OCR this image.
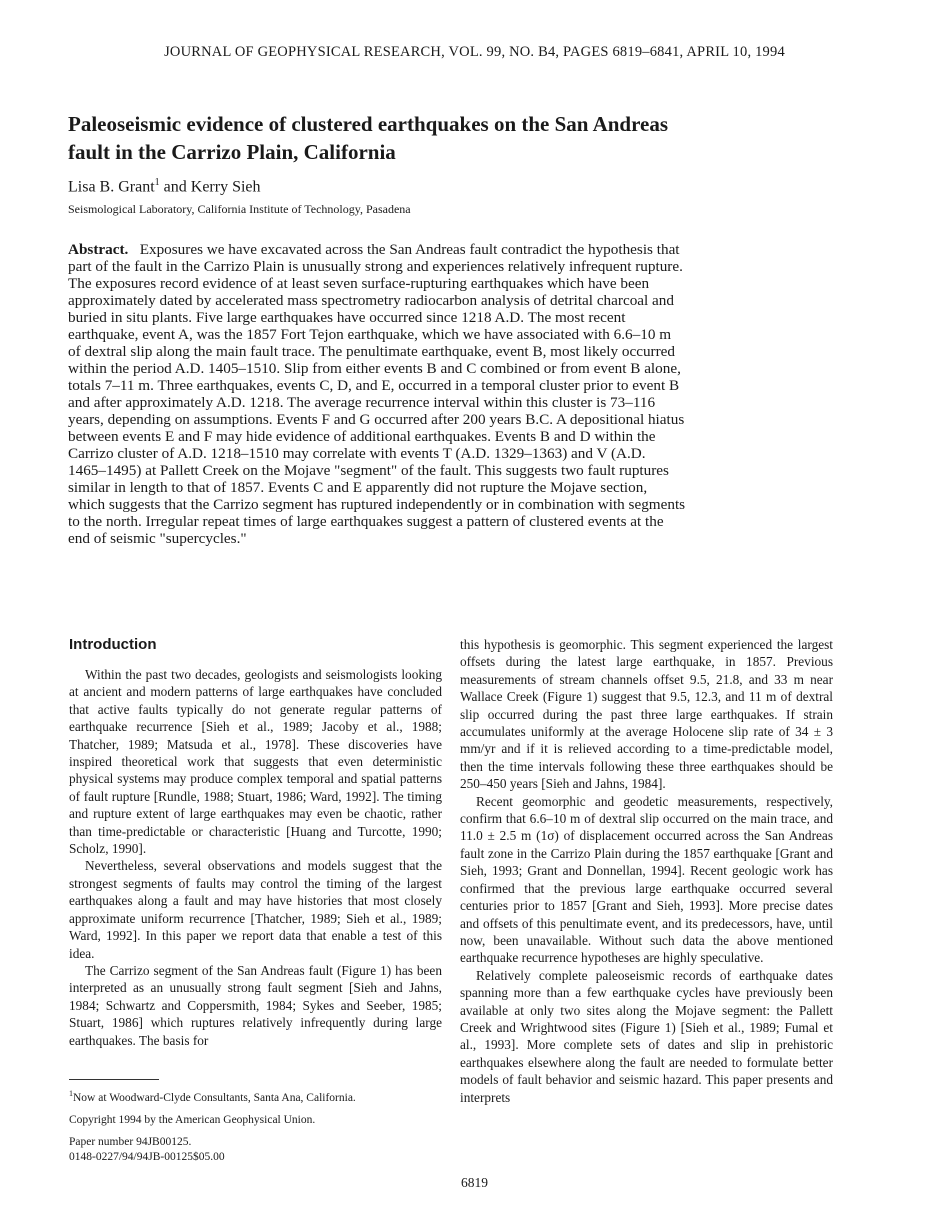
JOURNAL OF GEOPHYSICAL RESEARCH, VOL. 99, NO. B4, PAGES 6819–6841, APRIL 10, 1994
Paleoseismic evidence of clustered earthquakes on the San Andreas fault in the Carrizo Plain, California
Lisa B. Grant$^1$ and Kerry Sieh
Seismological Laboratory, California Institute of Technology, Pasadena

Abstract. Exposures we have excavated across the San Andreas fault contradict the hypothesis that part of the fault in the Carrizo Plain is unusually strong and experiences relatively infrequent rupture. The exposures record evidence of at least seven surface-rupturing earthquakes which have been approximately dated by accelerated mass spectrometry radiocarbon analysis of detrital charcoal and buried in situ plants. Five large earthquakes have occurred since 1218 A.D. The most recent earthquake, event A, was the 1857 Fort Tejon earthquake, which we have associated with 6.6–10 m of dextral slip along the main fault trace. The penultimate earthquake, event B, most likely occurred within the period A.D. 1405–1510. Slip from either events B and C combined or from event B alone, totals 7–11 m. Three earthquakes, events C, D, and E, occurred in a temporal cluster prior to event B and after approximately A.D. 1218. The average recurrence interval within this cluster is 73–116 years, depending on assumptions. Events F and G occurred after 200 years B.C. A depositional hiatus between events E and F may hide evidence of additional earthquakes. Events B and D within the Carrizo cluster of A.D. 1218–1510 may correlate with events T (A.D. 1329–1363) and V (A.D. 1465–1495) at Pallett Creek on the Mojave "segment" of the fault. This suggests two fault ruptures similar in length to that of 1857. Events C and E apparently did not rupture the Mojave section, which suggests that the Carrizo segment has ruptured independently or in combination with segments to the north. Irregular repeat times of large earthquakes suggest a pattern of clustered events at the end of seismic "supercycles."

Introduction

Within the past two decades, geologists and seismologists looking at ancient and modern patterns of large earthquakes have concluded that active faults typically do not generate regular patterns of earthquake recurrence [Sieh et al., 1989; Jacoby et al., 1988; Thatcher, 1989; Matsuda et al., 1978]. These discoveries have inspired theoretical work that suggests that even deterministic physical systems may produce complex temporal and spatial patterns of fault rupture [Rundle, 1988; Stuart, 1986; Ward, 1992]. The timing and rupture extent of large earthquakes may even be chaotic, rather than time-predictable or characteristic [Huang and Turcotte, 1990; Scholz, 1990].

Nevertheless, several observations and models suggest that the strongest segments of faults may control the timing of the largest earthquakes along a fault and may have histories that most closely approximate uniform recurrence [Thatcher, 1989; Sieh et al., 1989; Ward, 1992]. In this paper we report data that enable a test of this idea.

The Carrizo segment of the San Andreas fault (Figure 1) has been interpreted as an unusually strong fault segment [Sieh and Jahns, 1984; Schwartz and Coppersmith, 1984; Sykes and Seeber, 1985; Stuart, 1986] which ruptures relatively infrequently during large earthquakes. The basis for

$^1$Now at Woodward-Clyde Consultants, Santa Ana, California.
Copyright 1994 by the American Geophysical Union.
Paper number 94JB00125.
0148-0227/94/94JB-00125$05.00

this hypothesis is geomorphic. This segment experienced the largest offsets during the latest large earthquake, in 1857. Previous measurements of stream channels offset 9.5, 21.8, and 33 m near Wallace Creek (Figure 1) suggest that 9.5, 12.3, and 11 m of dextral slip occurred during the past three large earthquakes. If strain accumulates uniformly at the average Holocene slip rate of 34 ± 3 mm/yr and if it is relieved according to a time-predictable model, then the time intervals following these three earthquakes should be 250–450 years [Sieh and Jahns, 1984].

Recent geomorphic and geodetic measurements, respectively, confirm that 6.6–10 m of dextral slip occurred on the main trace, and 11.0 ± 2.5 m (1σ) of displacement occurred across the San Andreas fault zone in the Carrizo Plain during the 1857 earthquake [Grant and Sieh, 1993; Grant and Donnellan, 1994]. Recent geologic work has confirmed that the previous large earthquake occurred several centuries prior to 1857 [Grant and Sieh, 1993]. More precise dates and offsets of this penultimate event, and its predecessors, have, until now, been unavailable. Without such data the above mentioned earthquake recurrence hypotheses are highly speculative.

Relatively complete paleoseismic records of earthquake dates spanning more than a few earthquake cycles have previously been available at only two sites along the Mojave segment: the Pallett Creek and Wrightwood sites (Figure 1) [Sieh et al., 1989; Fumal et al., 1993]. More complete sets of dates and slip in prehistoric earthquakes elsewhere along the fault are needed to formulate better models of fault behavior and seismic hazard. This paper presents and interprets

6819
